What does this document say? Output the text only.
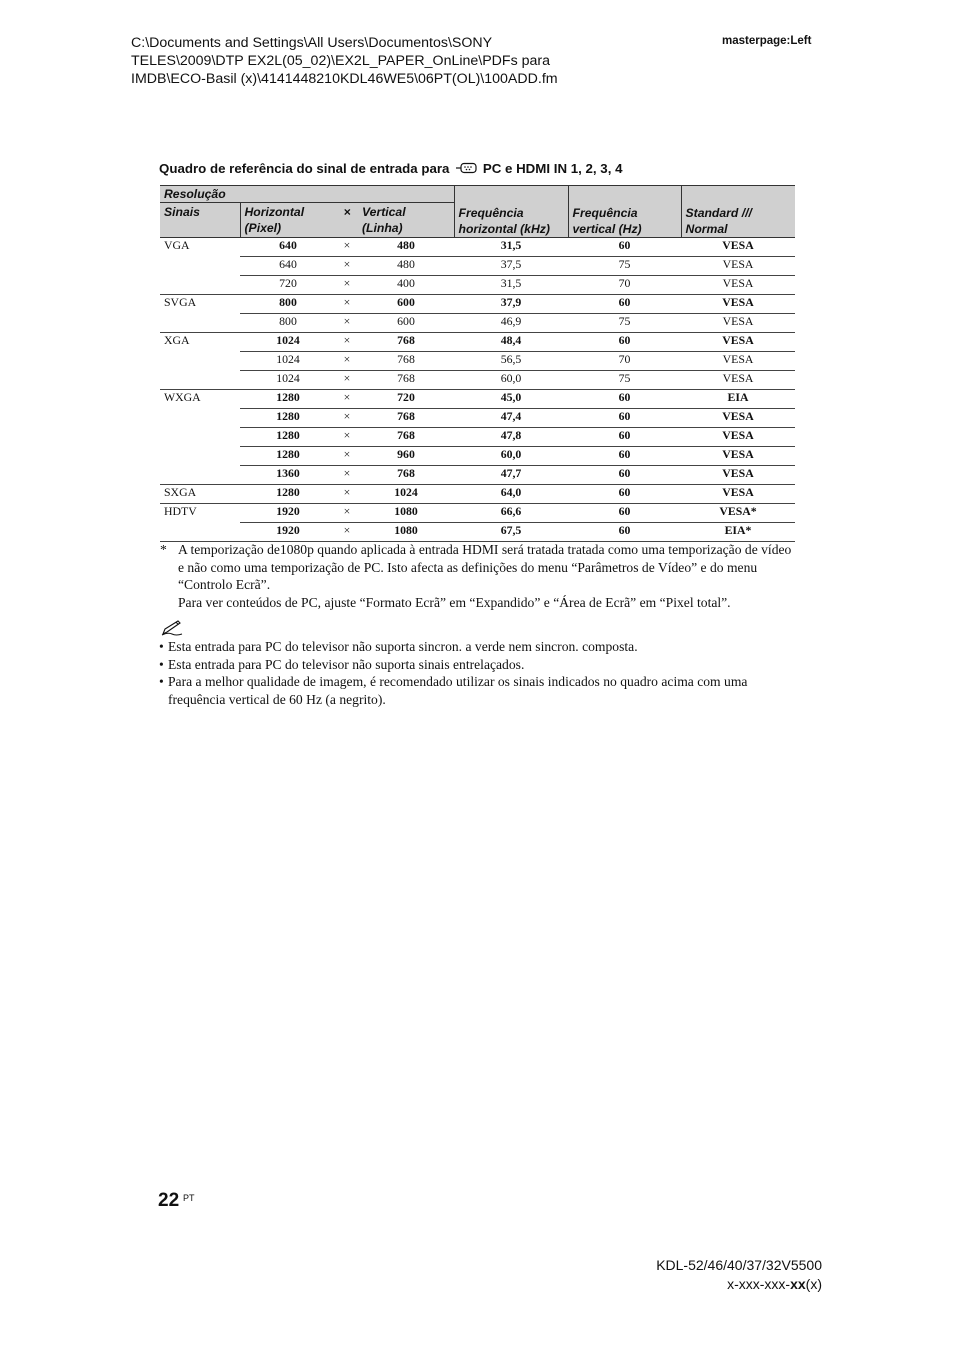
C:\Documents and Settings\All Users\Documentos\SONY
TELES\2009\DTP EX2L(05_02)\EX2L_PAPER_OnLine\PDFs para
IMDB\ECO-Basil (x)\4141448210KDL46WE5\06PT(OL)\100ADD.fm
masterpage:Left
Quadro de referência do sinal de entrada para	PC e HDMI IN 1, 2, 3, 4
Resolução				Frequência horizontal (kHz)	Frequência vertical (Hz)	Standard /// Normal
Sinais	Horizontal (Pixel)	×	Vertical (Linha)			
VGA	640	×	480	31,5	60	VESA
	640	×	480	37,5	75	VESA
	720	×	400	31,5	70	VESA
SVGA	800	×	600	37,9	60	VESA
	800	×	600	46,9	75	VESA
XGA	1024	×	768	48,4	60	VESA
	1024	×	768	56,5	70	VESA
	1024	×	768	60,0	75	VESA
WXGA	1280	×	720	45,0	60	EIA
	1280	×	768	47,4	60	VESA
	1280	×	768	47,8	60	VESA
	1280	×	960	60,0	60	VESA
	1360	×	768	47,7	60	VESA
SXGA	1280	×	1024	64,0	60	VESA
HDTV	1920	×	1080	66,6	60	VESA*
	1920	×	1080	67,5	60	EIA*
* A temporização de1080p quando aplicada à entrada HDMI será tratada tratada como uma temporização de vídeo e não como uma temporização de PC. Isto afecta as definições do menu “Parâmetros de Vídeo” e do menu “Controlo Ecrã”.
Para ver conteúdos de PC, ajuste “Formato Ecrã” em “Expandido” e “Área de Ecrã” em “Pixel total”.
• Esta entrada para PC do televisor não suporta sincron. a verde nem sincron. composta.
• Esta entrada para PC do televisor não suporta sinais entrelaçados.
• Para a melhor qualidade de imagem, é recomendado utilizar os sinais indicados no quadro acima com uma frequência vertical de 60 Hz (a negrito).
22 PT
KDL-52/46/40/37/32V5500
x-xxx-xxx-xx(x)
